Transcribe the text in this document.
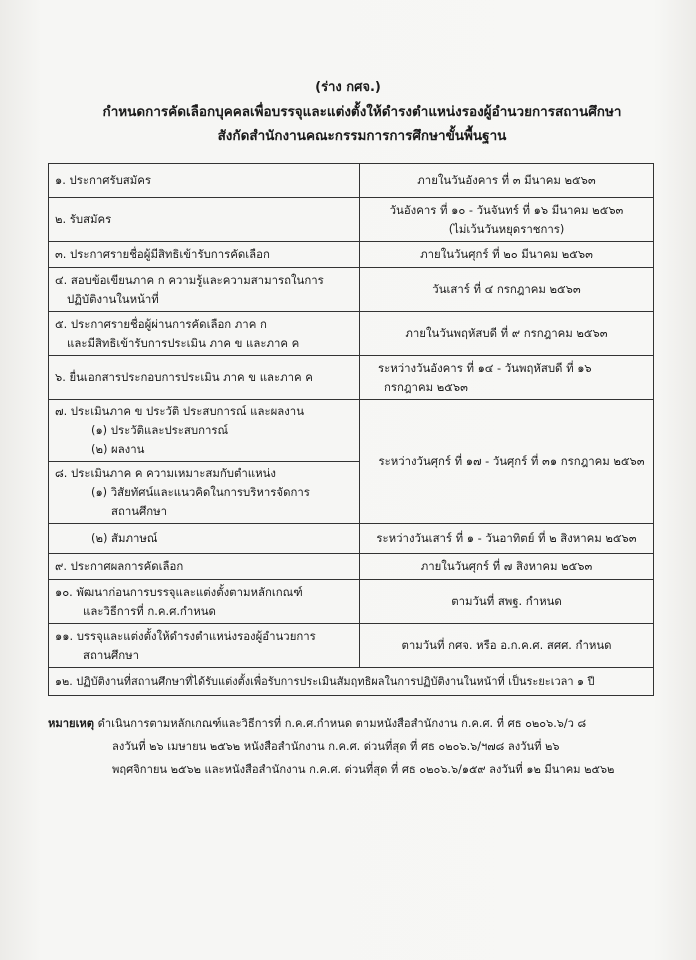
(ร่าง กศจ.)
กำหนดการคัดเลือกบุคคลเพื่อบรรจุและแต่งตั้งให้ดำรงตำแหน่งรองผู้อำนวยการสถานศึกษา
สังกัดสำนักงานคณะกรรมการการศึกษาขั้นพื้นฐาน
๑. ประกาศรับสมัคร	ภายในวันอังคาร ที่ ๓ มีนาคม ๒๕๖๓
๒. รับสมัคร	วันอังคาร ที่ ๑๐ - วันจันทร์ ที่ ๑๖ มีนาคม ๒๕๖๓
(ไม่เว้นวันหยุดราชการ)

๓. ประกาศรายชื่อผู้มีสิทธิเข้ารับการคัดเลือก	ภายในวันศุกร์ ที่ ๒๐ มีนาคม ๒๕๖๓

๔. สอบข้อเขียนภาค ก ความรู้และความสามารถในการ
ปฏิบัติงานในหน้าที่	วันเสาร์ ที่ ๔ กรกฎาคม ๒๕๖๓

๕. ประกาศรายชื่อผู้ผ่านการคัดเลือก ภาค ก
และมีสิทธิเข้ารับการประเมิน ภาค ข และภาค ค	ภายในวันพฤหัสบดี ที่ ๙ กรกฎาคม ๒๕๖๓
๖. ยื่นเอกสารประกอบการประเมิน ภาค ข และภาค ค	ระหว่างวันอังคาร ที่ ๑๔ - วันพฤหัสบดี ที่ ๑๖
กรกฎาคม ๒๕๖๓

๗. ประเมินภาค ข ประวัติ ประสบการณ์ และผลงาน
(๑) ประวัติและประสบการณ์
(๒) ผลงาน	ระหว่างวันศุกร์ ที่ ๑๗ - วันศุกร์ ที่ ๓๑ กรกฎาคม ๒๕๖๓

๘. ประเมินภาค ค ความเหมาะสมกับตำแหน่ง
(๑) วิสัยทัศน์และแนวคิดในการบริหารจัดการ
สถานศึกษา	

(๒) สัมภาษณ์	ระหว่างวันเสาร์ ที่ ๑ - วันอาทิตย์ ที่ ๒ สิงหาคม ๒๕๖๓
๙. ประกาศผลการคัดเลือก	ภายในวันศุกร์ ที่ ๗ สิงหาคม ๒๕๖๓

๑๐. พัฒนาก่อนการบรรจุและแต่งตั้งตามหลักเกณฑ์
และวิธีการที่ ก.ค.ศ.กำหนด	ตามวันที่ สพฐ. กำหนด

๑๑. บรรจุและแต่งตั้งให้ดำรงตำแหน่งรองผู้อำนวยการ
สถานศึกษา	ตามวันที่ กศจ. หรือ อ.ก.ค.ศ. สศศ. กำหนด
๑๒. ปฏิบัติงานที่สถานศึกษาที่ได้รับแต่งตั้งเพื่อรับการประเมินสัมฤทธิผลในการปฏิบัติงานในหน้าที่ เป็นระยะเวลา ๑ ปี	
หมายเหตุ ดำเนินการตามหลักเกณฑ์และวิธีการที่ ก.ค.ศ.กำหนด ตามหนังสือสำนักงาน ก.ค.ศ. ที่ ศธ ๐๒๐๖.๖/ว ๘
ลงวันที่ ๒๖ เมษายน ๒๕๖๒ หนังสือสำนักงาน ก.ค.ศ. ด่วนที่สุด ที่ ศธ ๐๒๐๖.๖/ฯ๗๘ ลงวันที่ ๒๖
พฤศจิกายน ๒๕๖๒ และหนังสือสำนักงาน ก.ค.ศ. ด่วนที่สุด ที่ ศธ ๐๒๐๖.๖/๑๕๙ ลงวันที่ ๑๒ มีนาคม ๒๕๖๒
